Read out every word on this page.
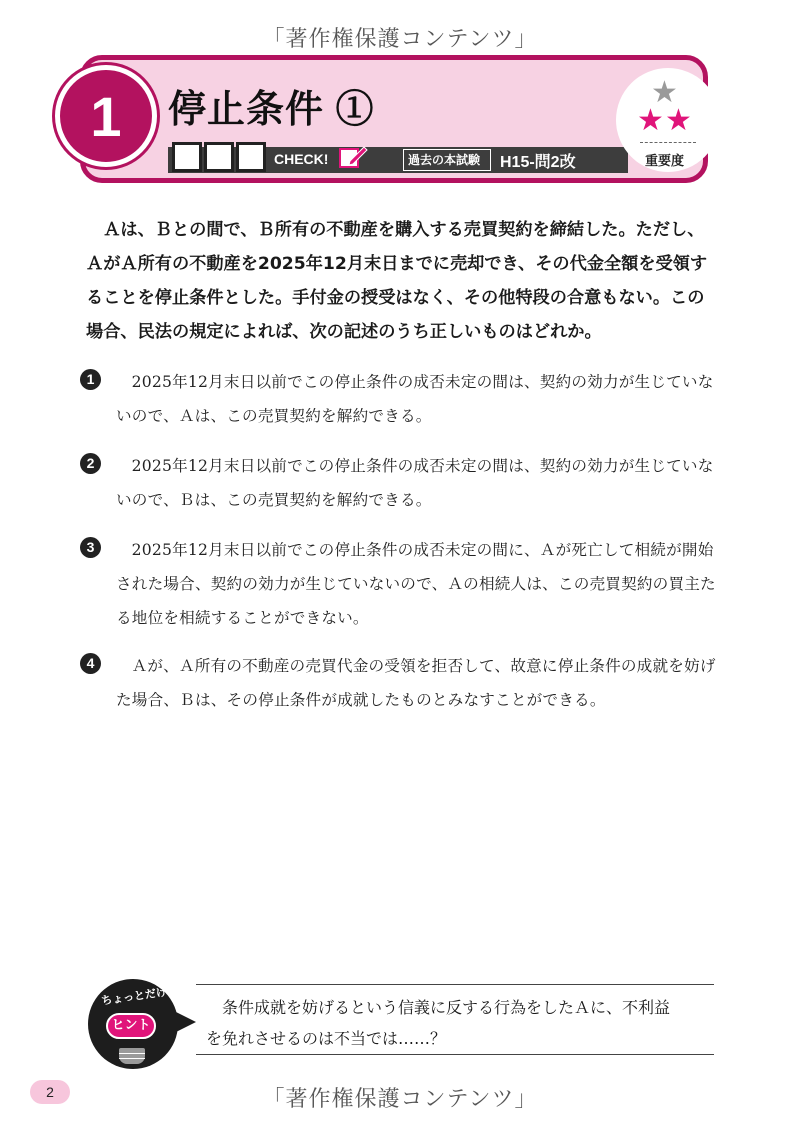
「著作権保護コンテンツ」
1 停止条件 ①
CHECK!	過去の本試験 H15-問2改
★
★ ★
重要度

Ａは、Ｂとの間で、Ｂ所有の不動産を購入する売買契約を締結した。ただし、ＡがＡ所有の不動産を2025年12月末日までに売却でき、その代金全額を受領することを停止条件とした。手付金の授受はなく、その他特段の合意もない。この場合、民法の規定によれば、次の記述のうち正しいものはどれか。

1	2025年12月末日以前でこの停止条件の成否未定の間は、契約の効力が生じていないので、Ａは、この売買契約を解約できる。
2	2025年12月末日以前でこの停止条件の成否未定の間は、契約の効力が生じていないので、Ｂは、この売買契約を解約できる。
3	2025年12月末日以前でこの停止条件の成否未定の間に、Ａが死亡して相続が開始された場合、契約の効力が生じていないので、Ａの相続人は、この売買契約の買主たる地位を相続することができない。
4	Ａが、Ａ所有の不動産の売買代金の受領を拒否して、故意に停止条件の成就を妨げた場合、Ｂは、その停止条件が成就したものとみなすことができる。
ちょっとだけ
ヒント
条件成就を妨げるという信義に反する行為をしたＡに、不利益
を免れさせるのは不当では……？
2	「著作権保護コンテンツ」
